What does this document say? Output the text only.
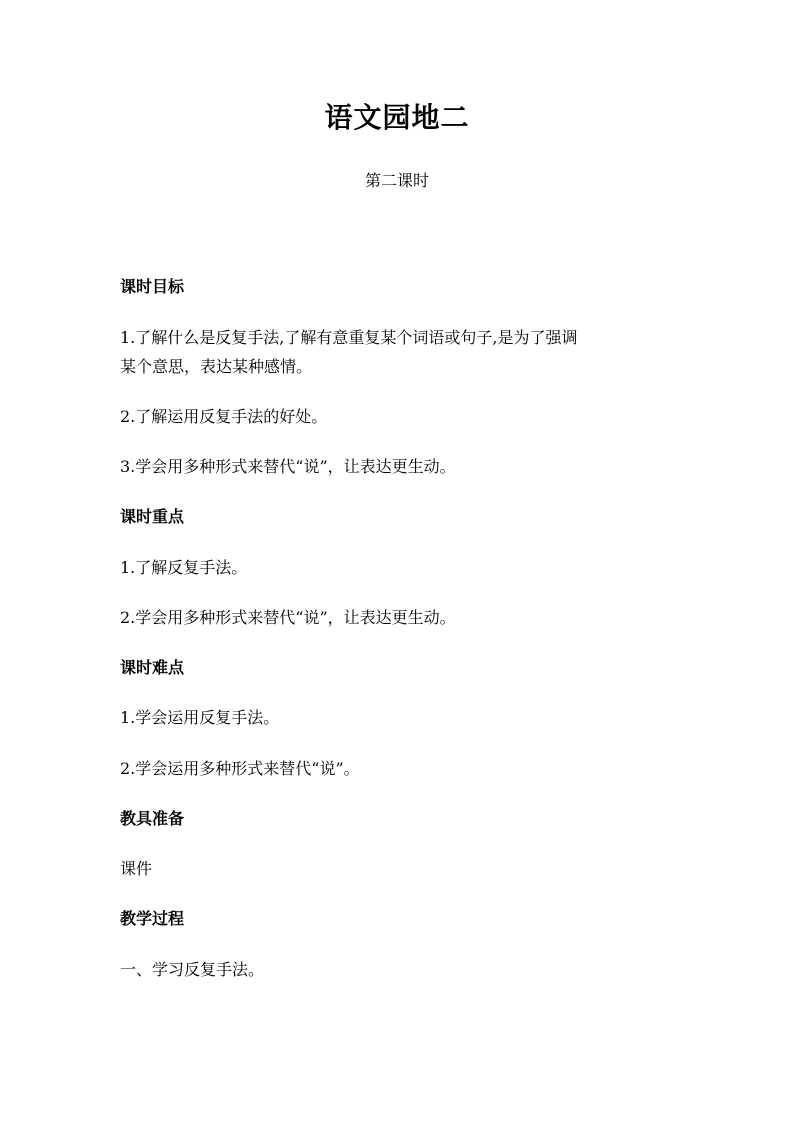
语文园地二
第二课时
课时目标
1.了解什么是反复手法,了解有意重复某个词语或句子,是为了强调
某个意思，表达某种感情。
2.了解运用反复手法的好处。
3.学会用多种形式来替代“说”，让表达更生动。
课时重点
1.了解反复手法。
2.学会用多种形式来替代“说”，让表达更生动。
课时难点
1.学会运用反复手法。
2.学会运用多种形式来替代“说”。
教具准备
课件
教学过程
一、学习反复手法。
